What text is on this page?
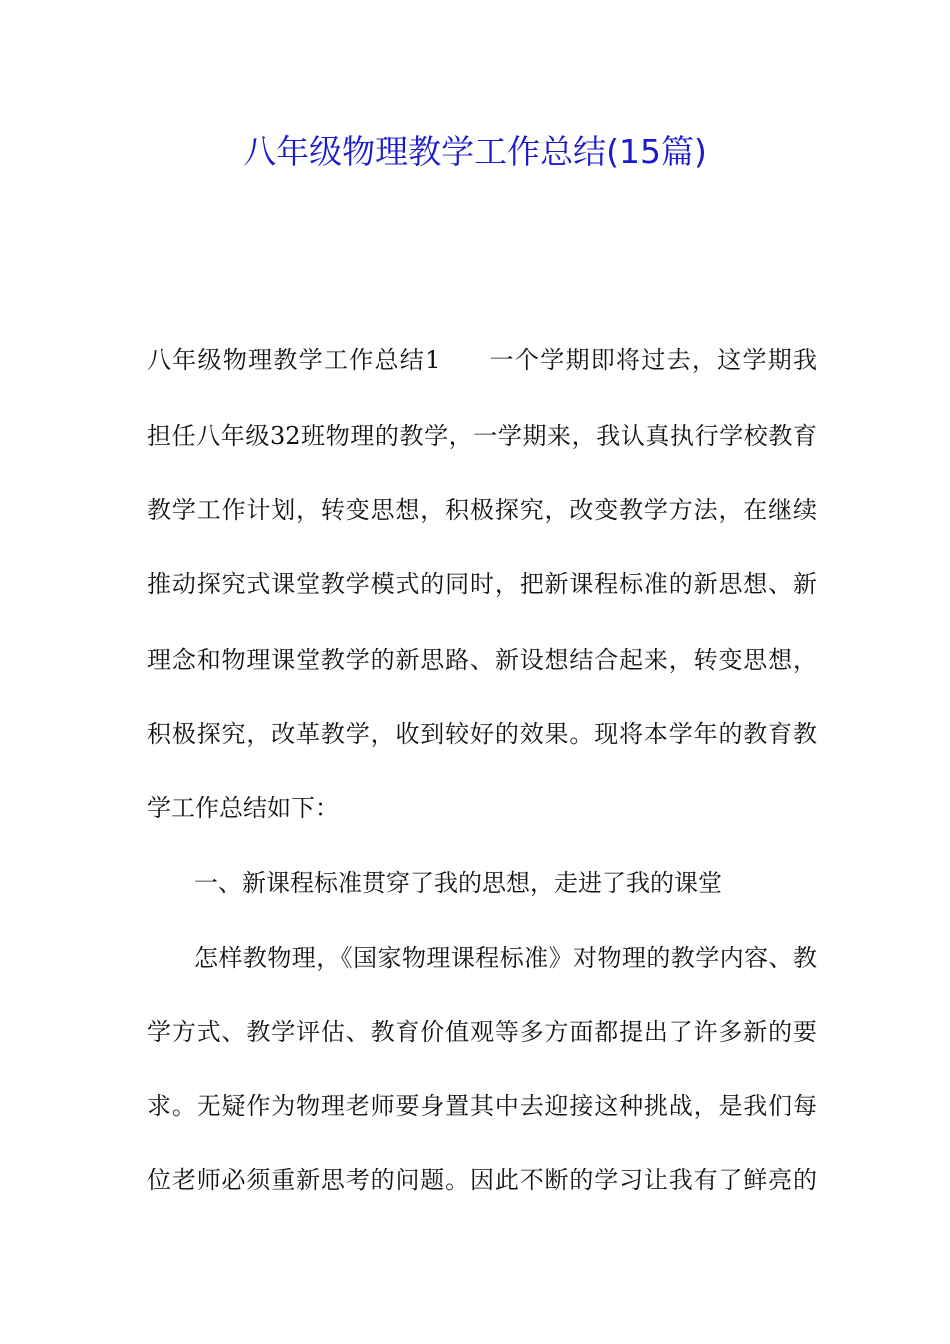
八年级物理教学工作总结(15篇)
八年级物理教学工作总结1 一个学期即将过去，这学期我
担任八年级32班物理的教学，一学期来，我认真执行学校教育
教学工作计划，转变思想，积极探究，改变教学方法，在继续
推动探究式课堂教学模式的同时，把新课程标准的新思想、新
理念和物理课堂教学的新思路、新设想结合起来，转变思想，
积极探究，改革教学，收到较好的效果。现将本学年的教育教
学工作总结如下：
一、新课程标准贯穿了我的思想，走进了我的课堂
怎样教物理，《国家物理课程标准》对物理的教学内容、教
学方式、教学评估、教育价值观等多方面都提出了许多新的要
求。无疑作为物理老师要身置其中去迎接这种挑战，是我们每
位老师必须重新思考的问题。因此不断的学习让我有了鲜亮的
